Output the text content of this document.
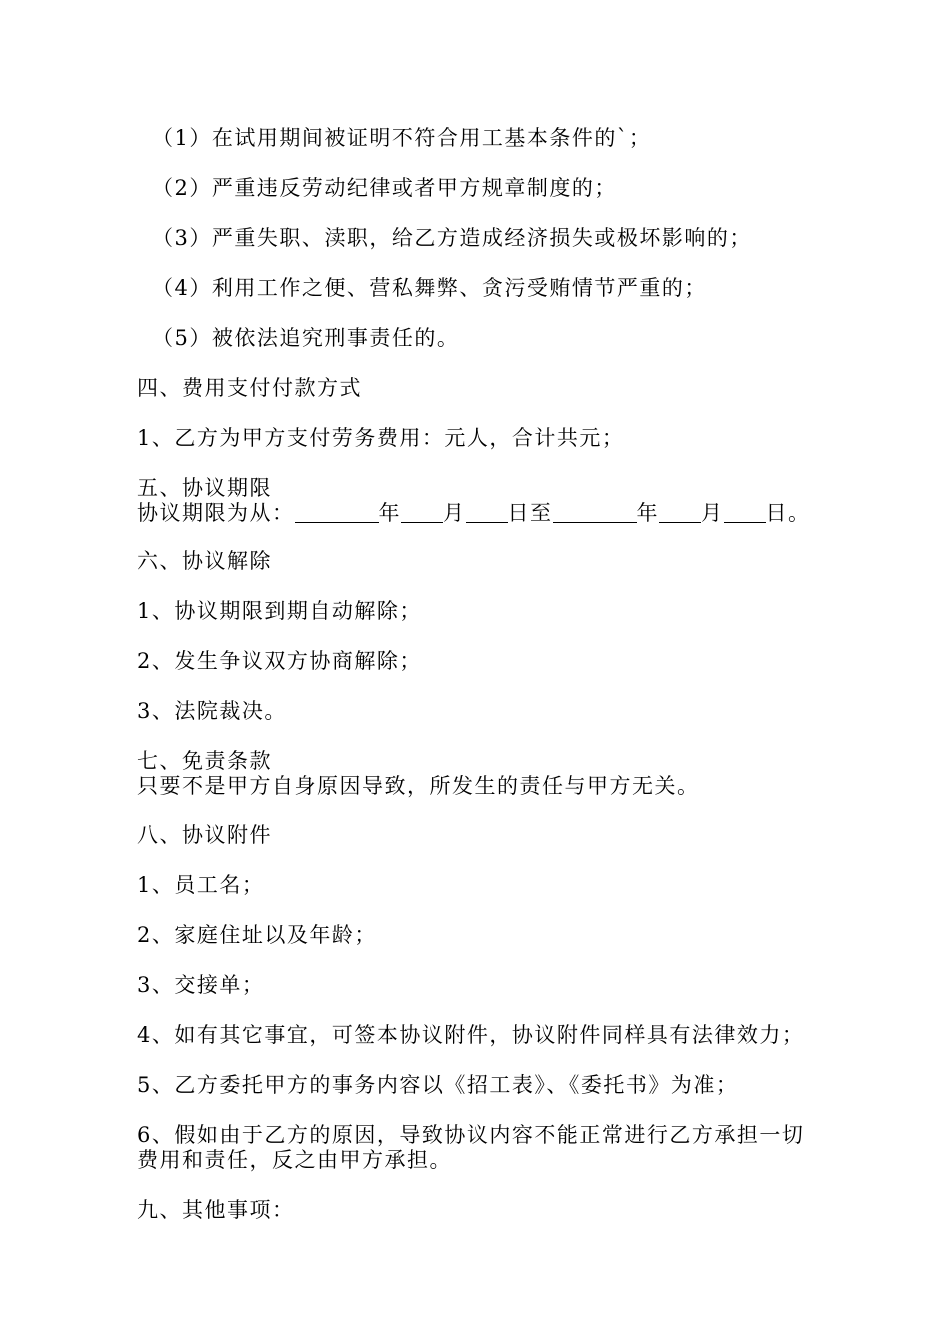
（1）在试用期间被证明不符合用工基本条件的`；
（2）严重违反劳动纪律或者甲方规章制度的；
（3）严重失职、渎职，给乙方造成经济损失或极坏影响的；
（4）利用工作之便、营私舞弊、贪污受贿情节严重的；
（5）被依法追究刑事责任的。
四、费用支付付款方式
1、乙方为甲方支付劳务费用：元人，合计共元；
五、协议期限
协议期限为从：	年 月 日至	年 月 日。
六、协议解除
1、协议期限到期自动解除；
2、发生争议双方协商解除；
3、法院裁决。
七、免责条款
只要不是甲方自身原因导致，所发生的责任与甲方无关。
八、协议附件
1、员工名；
2、家庭住址以及年龄；
3、交接单；
4、如有其它事宜，可签本协议附件，协议附件同样具有法律效力；
5、乙方委托甲方的事务内容以《招工表》、《委托书》为准；
6、假如由于乙方的原因，导致协议内容不能正常进行乙方承担一切
费用和责任，反之由甲方承担。
九、其他事项：
